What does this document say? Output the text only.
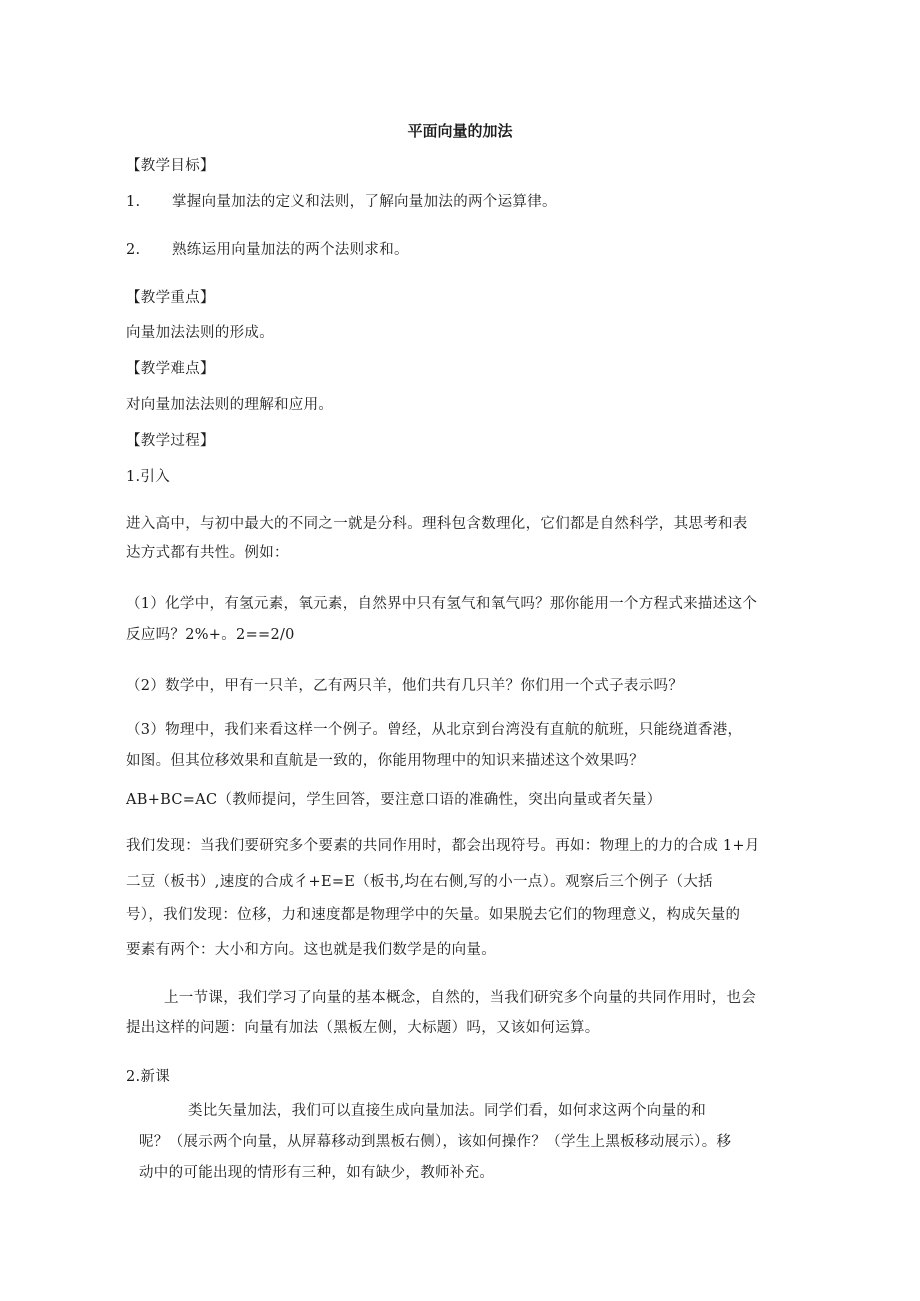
平面向量的加法
【教学目标】
1. 掌握向量加法的定义和法则，了解向量加法的两个运算律。
2. 熟练运用向量加法的两个法则求和。
【教学重点】
向量加法法则的形成。
【教学难点】
对向量加法法则的理解和应用。
【教学过程】
1.引入
进入高中，与初中最大的不同之一就是分科。理科包含数理化，它们都是自然科学，其思考和表
达方式都有共性。例如：
（1）化学中，有氢元素，氧元素，自然界中只有氢气和氧气吗？那你能用一个方程式来描述这个
反应吗？2%+。2==2/0
（2）数学中，甲有一只羊，乙有两只羊，他们共有几只羊？你们用一个式子表示吗？
（3）物理中，我们来看这样一个例子。曾经，从北京到台湾没有直航的航班，只能绕道香港，
如图。但其位移效果和直航是一致的，你能用物理中的知识来描述这个效果吗？
AB+BC=AC（教师提问，学生回答，要注意口语的准确性，突出向量或者矢量）
我们发现：当我们要研究多个要素的共同作用时，都会出现符号。再如：物理上的力的合成 1+月
二豆（板书）,速度的合成彳+E=E（板书,均在右侧,写的小一点）。观察后三个例子（大括
号），我们发现：位移，力和速度都是物理学中的矢量。如果脱去它们的物理意义，构成矢量的
要素有两个：大小和方向。这也就是我们数学是的向量。
上一节课，我们学习了向量的基本概念，自然的，当我们研究多个向量的共同作用时，也会
提出这样的问题：向量有加法（黑板左侧，大标题）吗，又该如何运算。
2.新课
类比矢量加法，我们可以直接生成向量加法。同学们看，如何求这两个向量的和
呢？（展示两个向量，从屏幕移动到黑板右侧），该如何操作？（学生上黑板移动展示）。移
动中的可能出现的情形有三种，如有缺少，教师补充。
